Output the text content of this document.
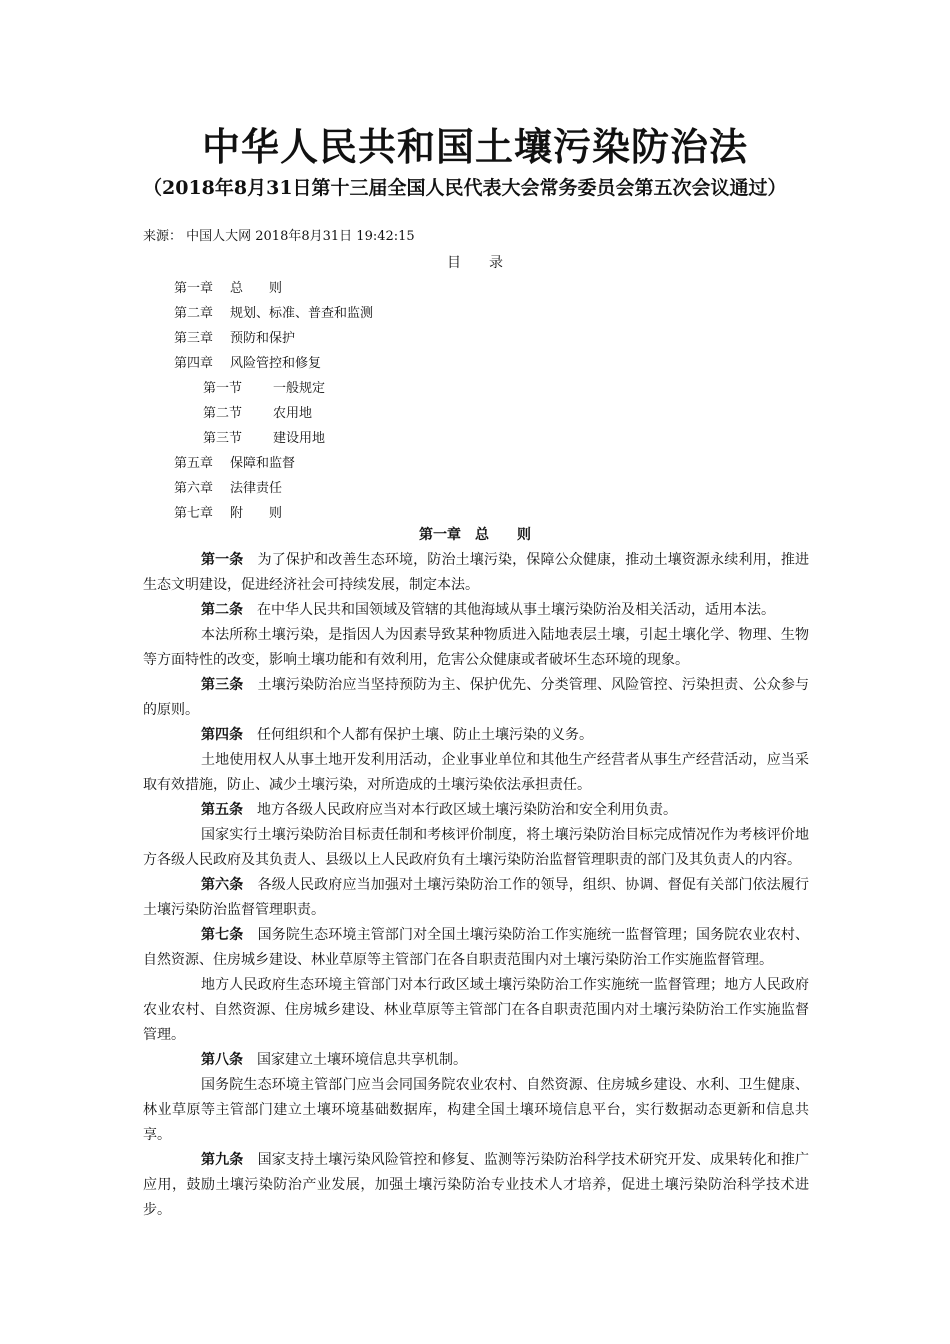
中华人民共和国土壤污染防治法
（2018年8月31日第十三届全国人民代表大会常务委员会第五次会议通过）
来源： 中国人大网 2018年8月31日 19:42:15
目　　录
第一章 总　　则
第二章 规划、标准、普查和监测
第三章 预防和保护
第四章 风险管控和修复
第一节 一般规定
第二节 农用地
第三节 建设用地
第五章 保障和监督
第六章 法律责任
第七章 附　　则
第一章　总　　则

第一条　 为了保护和改善生态环境，防治土壤污染，保障公众健康，推动土壤资源永续利用，推进生态文明建设，促进经济社会可持续发展，制定本法。

第二条　 在中华人民共和国领域及管辖的其他海域从事土壤污染防治及相关活动，适用本法。

本法所称土壤污染，是指因人为因素导致某种物质进入陆地表层土壤，引起土壤化学、物理、生物等方面特性的改变，影响土壤功能和有效利用，危害公众健康或者破坏生态环境的现象。

第三条　 土壤污染防治应当坚持预防为主、保护优先、分类管理、风险管控、污染担责、公众参与的原则。

第四条　 任何组织和个人都有保护土壤、防止土壤污染的义务。

土地使用权人从事土地开发利用活动，企业事业单位和其他生产经营者从事生产经营活动，应当采取有效措施，防止、减少土壤污染，对所造成的土壤污染依法承担责任。

第五条　 地方各级人民政府应当对本行政区域土壤污染防治和安全利用负责。

国家实行土壤污染防治目标责任制和考核评价制度，将土壤污染防治目标完成情况作为考核评价地方各级人民政府及其负责人、县级以上人民政府负有土壤污染防治监督管理职责的部门及其负责人的内容。

第六条　 各级人民政府应当加强对土壤污染防治工作的领导，组织、协调、督促有关部门依法履行土壤污染防治监督管理职责。

第七条　 国务院生态环境主管部门对全国土壤污染防治工作实施统一监督管理；国务院农业农村、自然资源、住房城乡建设、林业草原等主管部门在各自职责范围内对土壤污染防治工作实施监督管理。

地方人民政府生态环境主管部门对本行政区域土壤污染防治工作实施统一监督管理；地方人民政府农业农村、自然资源、住房城乡建设、林业草原等主管部门在各自职责范围内对土壤污染防治工作实施监督管理。

第八条　 国家建立土壤环境信息共享机制。

国务院生态环境主管部门应当会同国务院农业农村、自然资源、住房城乡建设、水利、卫生健康、林业草原等主管部门建立土壤环境基础数据库，构建全国土壤环境信息平台，实行数据动态更新和信息共享。

第九条　 国家支持土壤污染风险管控和修复、监测等污染防治科学技术研究开发、成果转化和推广应用，鼓励土壤污染防治产业发展，加强土壤污染防治专业技术人才培养，促进土壤污染防治科学技术进步。
